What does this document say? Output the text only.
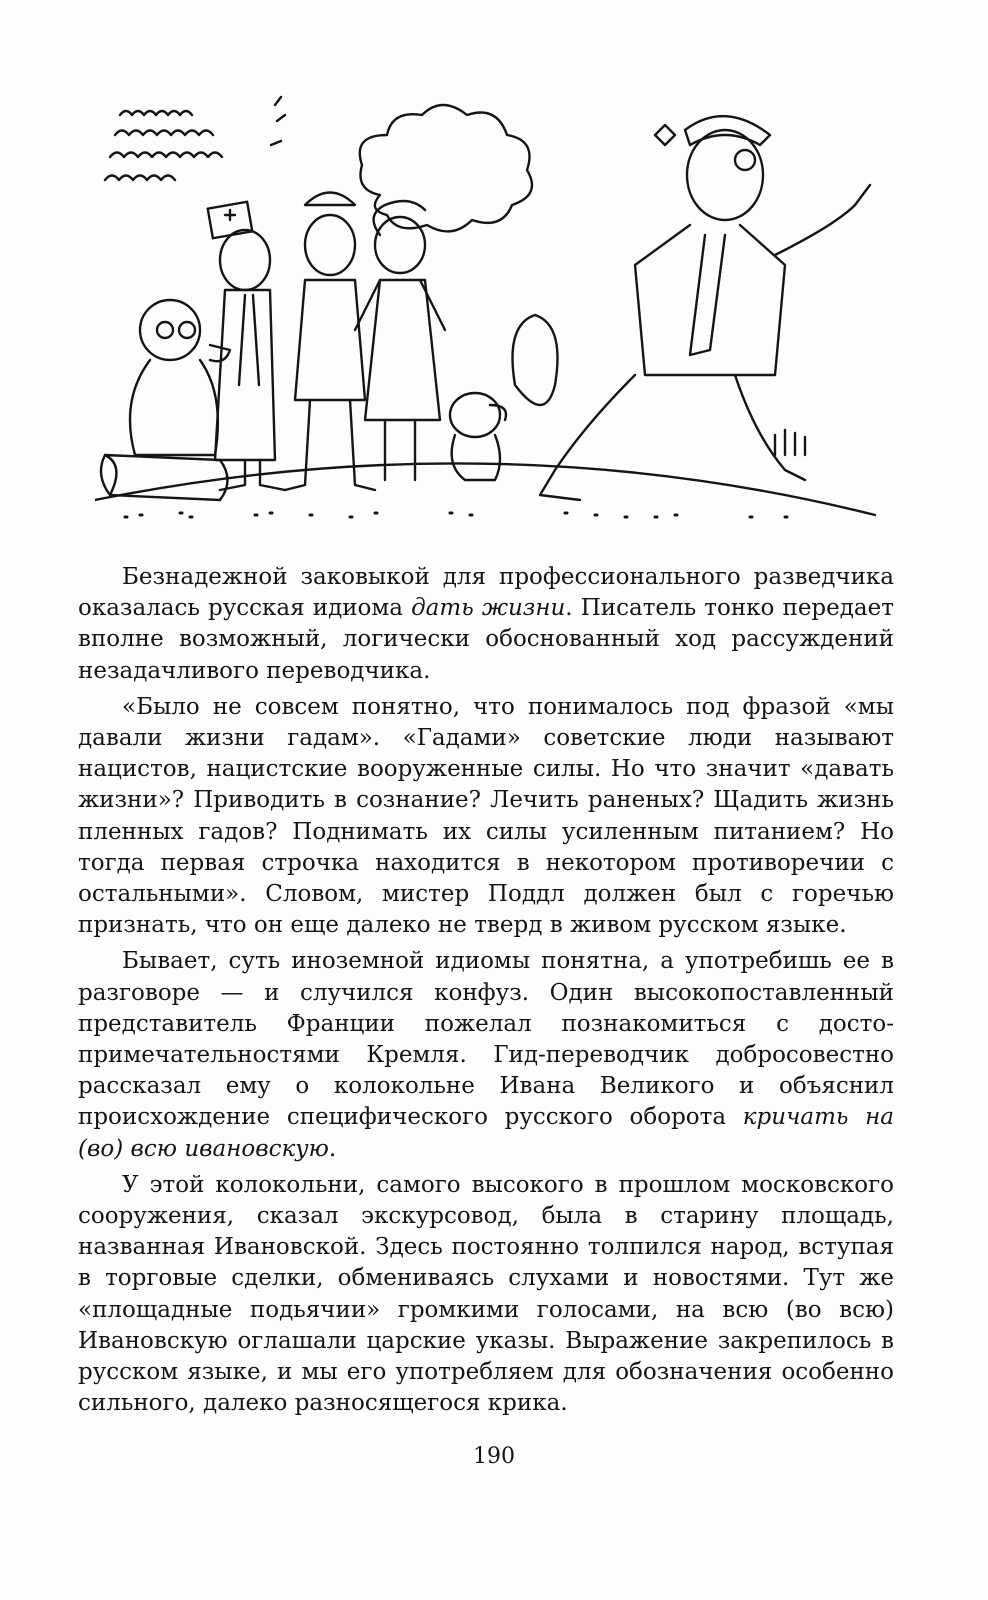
Безнадежной заковыкой для профессионального разведчика оказалась русская идиома дать жизни. Писатель тонко передает вполне возможный, логически обоснованный ход рассуждений незадачливого переводчика.

«Было не совсем понятно, что понималось под фразой «мы давали жизни гадам». «Гадами» советские люди называют нацистов, нацистские вооруженные силы. Но что значит «давать жизни»? Приводить в сознание? Лечить раненых? Щадить жизнь пленных гадов? Поднимать их силы усиленным питанием? Но тогда первая строчка находится в некотором противоречии с остальными». Словом, мистер Поддл должен был с горечью признать, что он еще далеко не тверд в живом русском языке.

Бывает, суть иноземной идиомы понятна, а употребишь ее в разговоре — и случился конфуз. Один высокопоставленный представитель Франции пожелал познакомиться с достопримечательностями Кремля. Гид-переводчик добросовестно рассказал ему о колокольне Ивана Великого и объяснил происхождение специфического русского оборота кричать на (во) всю ивановскую.

У этой колокольни, самого высокого в прошлом московского сооружения, сказал экскурсовод, была в старину площадь, названная Ивановской. Здесь постоянно толпился народ, вступая в торговые сделки, обмениваясь слухами и новостями. Тут же «площадные подьячии» громкими голосами, на всю (во всю) Ивановскую оглашали царские указы. Выражение закрепилось в русском языке, и мы его употребляем для обозначения особенно сильного, далеко разносящегося крика.

190
